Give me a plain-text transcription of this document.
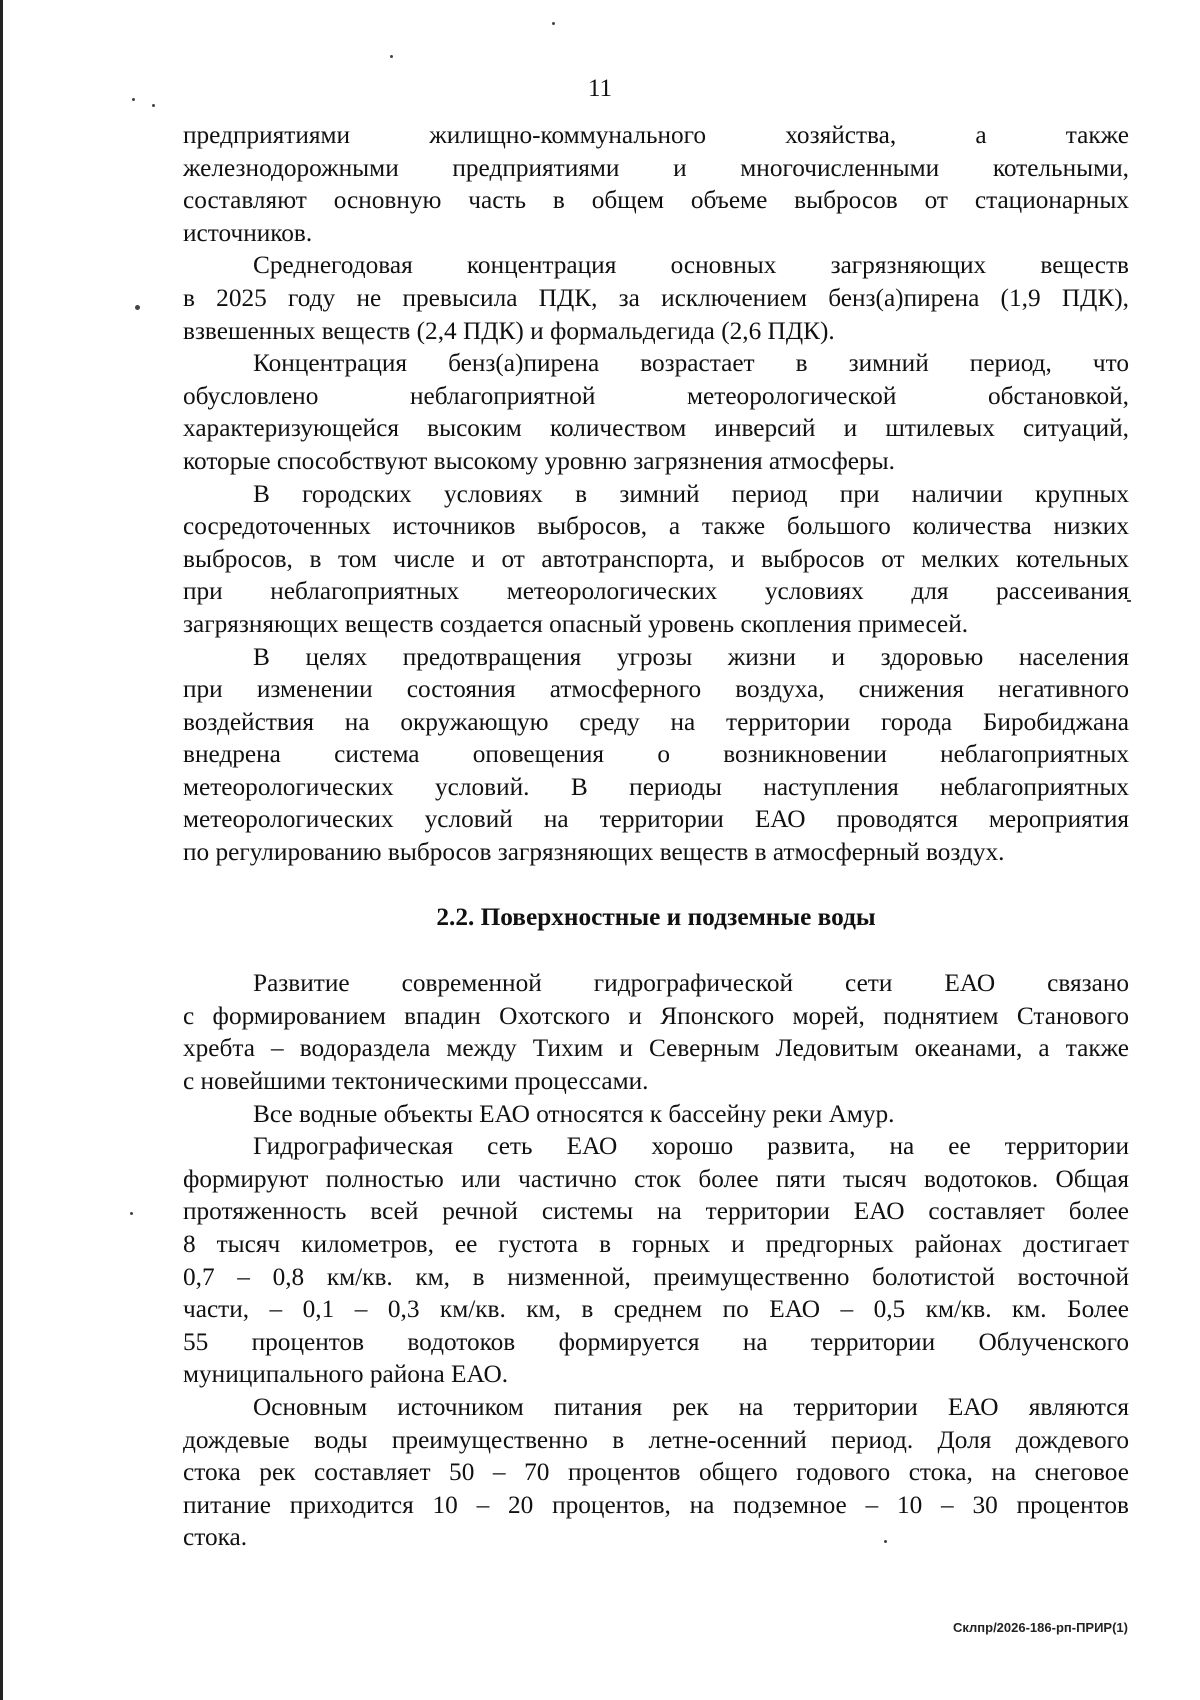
11

предприятиями жилищно-коммунального хозяйства, а также
железнодорожными предприятиями и многочисленными котельными,
составляют основную часть в общем объеме выбросов от стационарных
источников.

Среднегодовая концентрация основных загрязняющих веществ
в 2025 году не превысила ПДК, за исключением бенз(а)пирена (1,9 ПДК),
взвешенных веществ (2,4 ПДК) и формальдегида (2,6 ПДК).

Концентрация бенз(а)пирена возрастает в зимний период, что
обусловлено неблагоприятной метеорологической обстановкой,
характеризующейся высоким количеством инверсий и штилевых ситуаций,
которые способствуют высокому уровню загрязнения атмосферы.

В городских условиях в зимний период при наличии крупных
сосредоточенных источников выбросов, а также большого количества низких
выбросов, в том числе и от автотранспорта, и выбросов от мелких котельных
при неблагоприятных метеорологических условиях для рассеивания
загрязняющих веществ создается опасный уровень скопления примесей.

В целях предотвращения угрозы жизни и здоровью населения
при изменении состояния атмосферного воздуха, снижения негативного
воздействия на окружающую среду на территории города Биробиджана
внедрена система оповещения о возникновении неблагоприятных
метеорологических условий. В периоды наступления неблагоприятных
метеорологических условий на территории ЕАО проводятся мероприятия
по регулированию выбросов загрязняющих веществ в атмосферный воздух.

2.2. Поверхностные и подземные воды

Развитие современной гидрографической сети ЕАО связано
с формированием впадин Охотского и Японского морей, поднятием Станового
хребта – водораздела между Тихим и Северным Ледовитым океанами, а также
с новейшими тектоническими процессами.

Все водные объекты ЕАО относятся к бассейну реки Амур.

Гидрографическая сеть ЕАО хорошо развита, на ее территории
формируют полностью или частично сток более пяти тысяч водотоков. Общая
протяженность всей речной системы на территории ЕАО составляет более
8 тысяч километров, ее густота в горных и предгорных районах достигает
0,7 – 0,8 км/кв. км, в низменной, преимущественно болотистой восточной
части, – 0,1 – 0,3 км/кв. км, в среднем по ЕАО – 0,5 км/кв. км. Более
55 процентов водотоков формируется на территории Облученского
муниципального района ЕАО.

Основным источником питания рек на территории ЕАО являются
дождевые воды преимущественно в летне-осенний период. Доля дождевого
стока рек составляет 50 – 70 процентов общего годового стока, на снеговое
питание приходится 10 – 20 процентов, на подземное – 10 – 30 процентов
стока.

Склпр/2026-186-рп-ПРИР(1)
